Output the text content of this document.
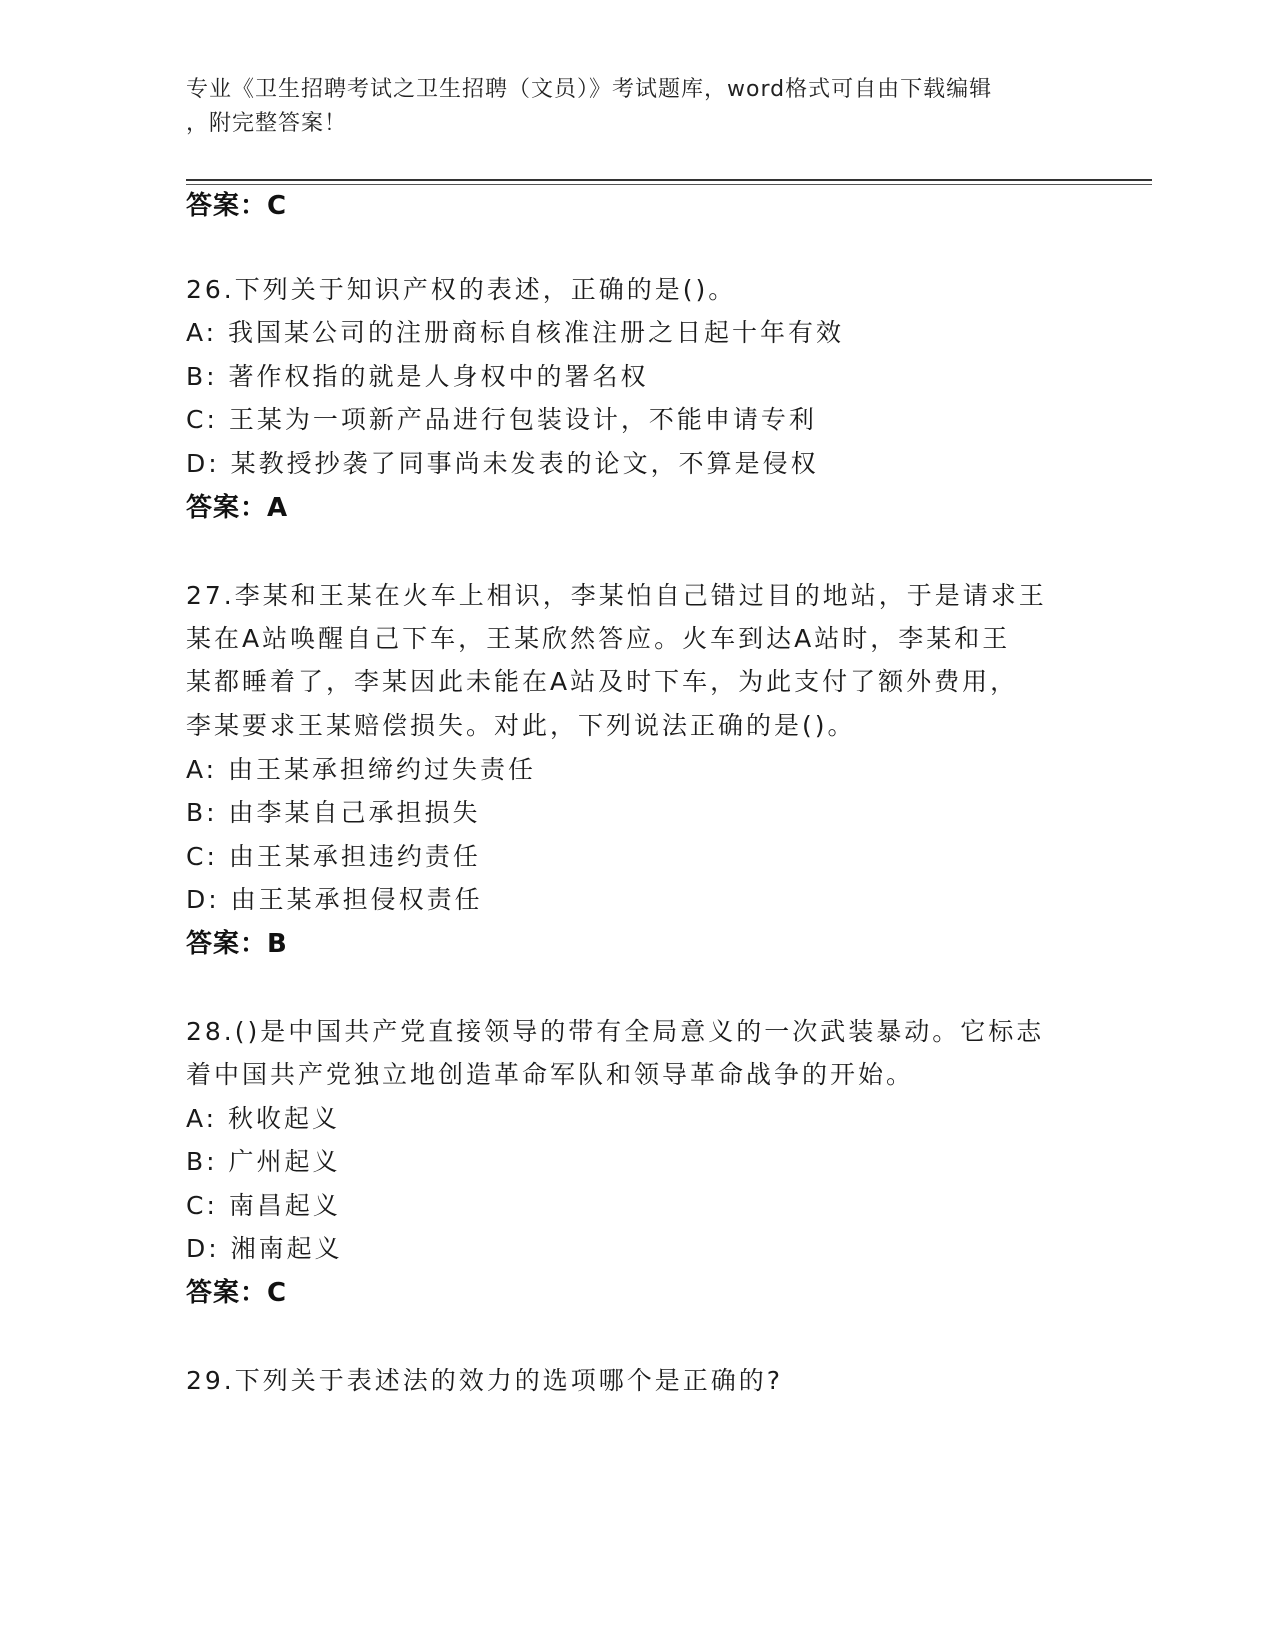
专业《卫生招聘考试之卫生招聘（文员）》考试题库，word格式可自由下载编辑
，附完整答案！
答案：C
26.下列关于知识产权的表述，正确的是()。
A: 我国某公司的注册商标自核准注册之日起十年有效
B: 著作权指的就是人身权中的署名权
C: 王某为一项新产品进行包装设计，不能申请专利
D: 某教授抄袭了同事尚未发表的论文，不算是侵权
答案：A
27.李某和王某在火车上相识，李某怕自己错过目的地站，于是请求王
某在A站唤醒自己下车，王某欣然答应。火车到达A站时，李某和王
某都睡着了，李某因此未能在A站及时下车，为此支付了额外费用，
李某要求王某赔偿损失。对此，下列说法正确的是()。
A: 由王某承担缔约过失责任
B: 由李某自己承担损失
C: 由王某承担违约责任
D: 由王某承担侵权责任
答案：B
28.()是中国共产党直接领导的带有全局意义的一次武装暴动。它标志
着中国共产党独立地创造革命军队和领导革命战争的开始。
A: 秋收起义
B: 广州起义
C: 南昌起义
D: 湘南起义
答案：C
29.下列关于表述法的效力的选项哪个是正确的?
